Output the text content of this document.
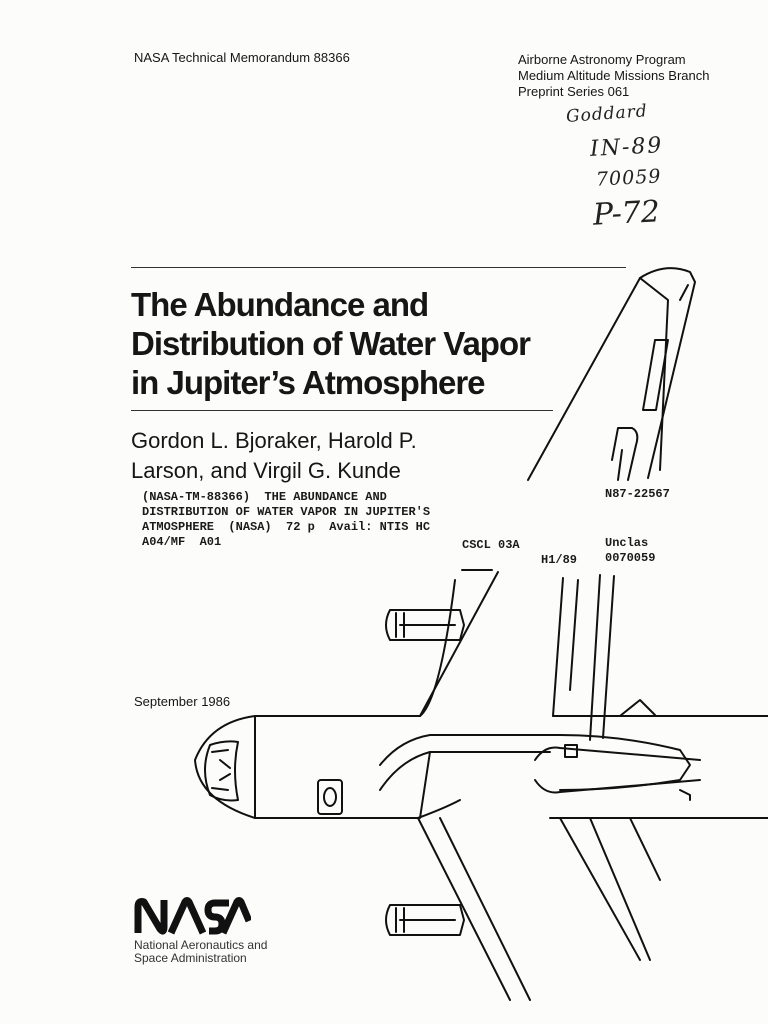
NASA Technical Memorandum 88366	Airborne Astronomy Program
Medium Altitude Missions Branch
Preprint Series 061
Goddard
IN-89
70059
P-72
The Abundance and
Distribution of Water Vapor
in Jupiter’s Atmosphere
Gordon L. Bjoraker, Harold P.
Larson, and Virgil G. Kunde
(NASA-TM-88366)  THE ABUNDANCE AND
DISTRIBUTION OF WATER VAPOR IN JUPITER'S
ATMOSPHERE  (NASA)  72 p  Avail: NTIS HC
A04/MF  A01	CSCL 03A
N87-22567
Unclas
H1/89 0070059
September 1986
National Aeronautics and
Space Administration
